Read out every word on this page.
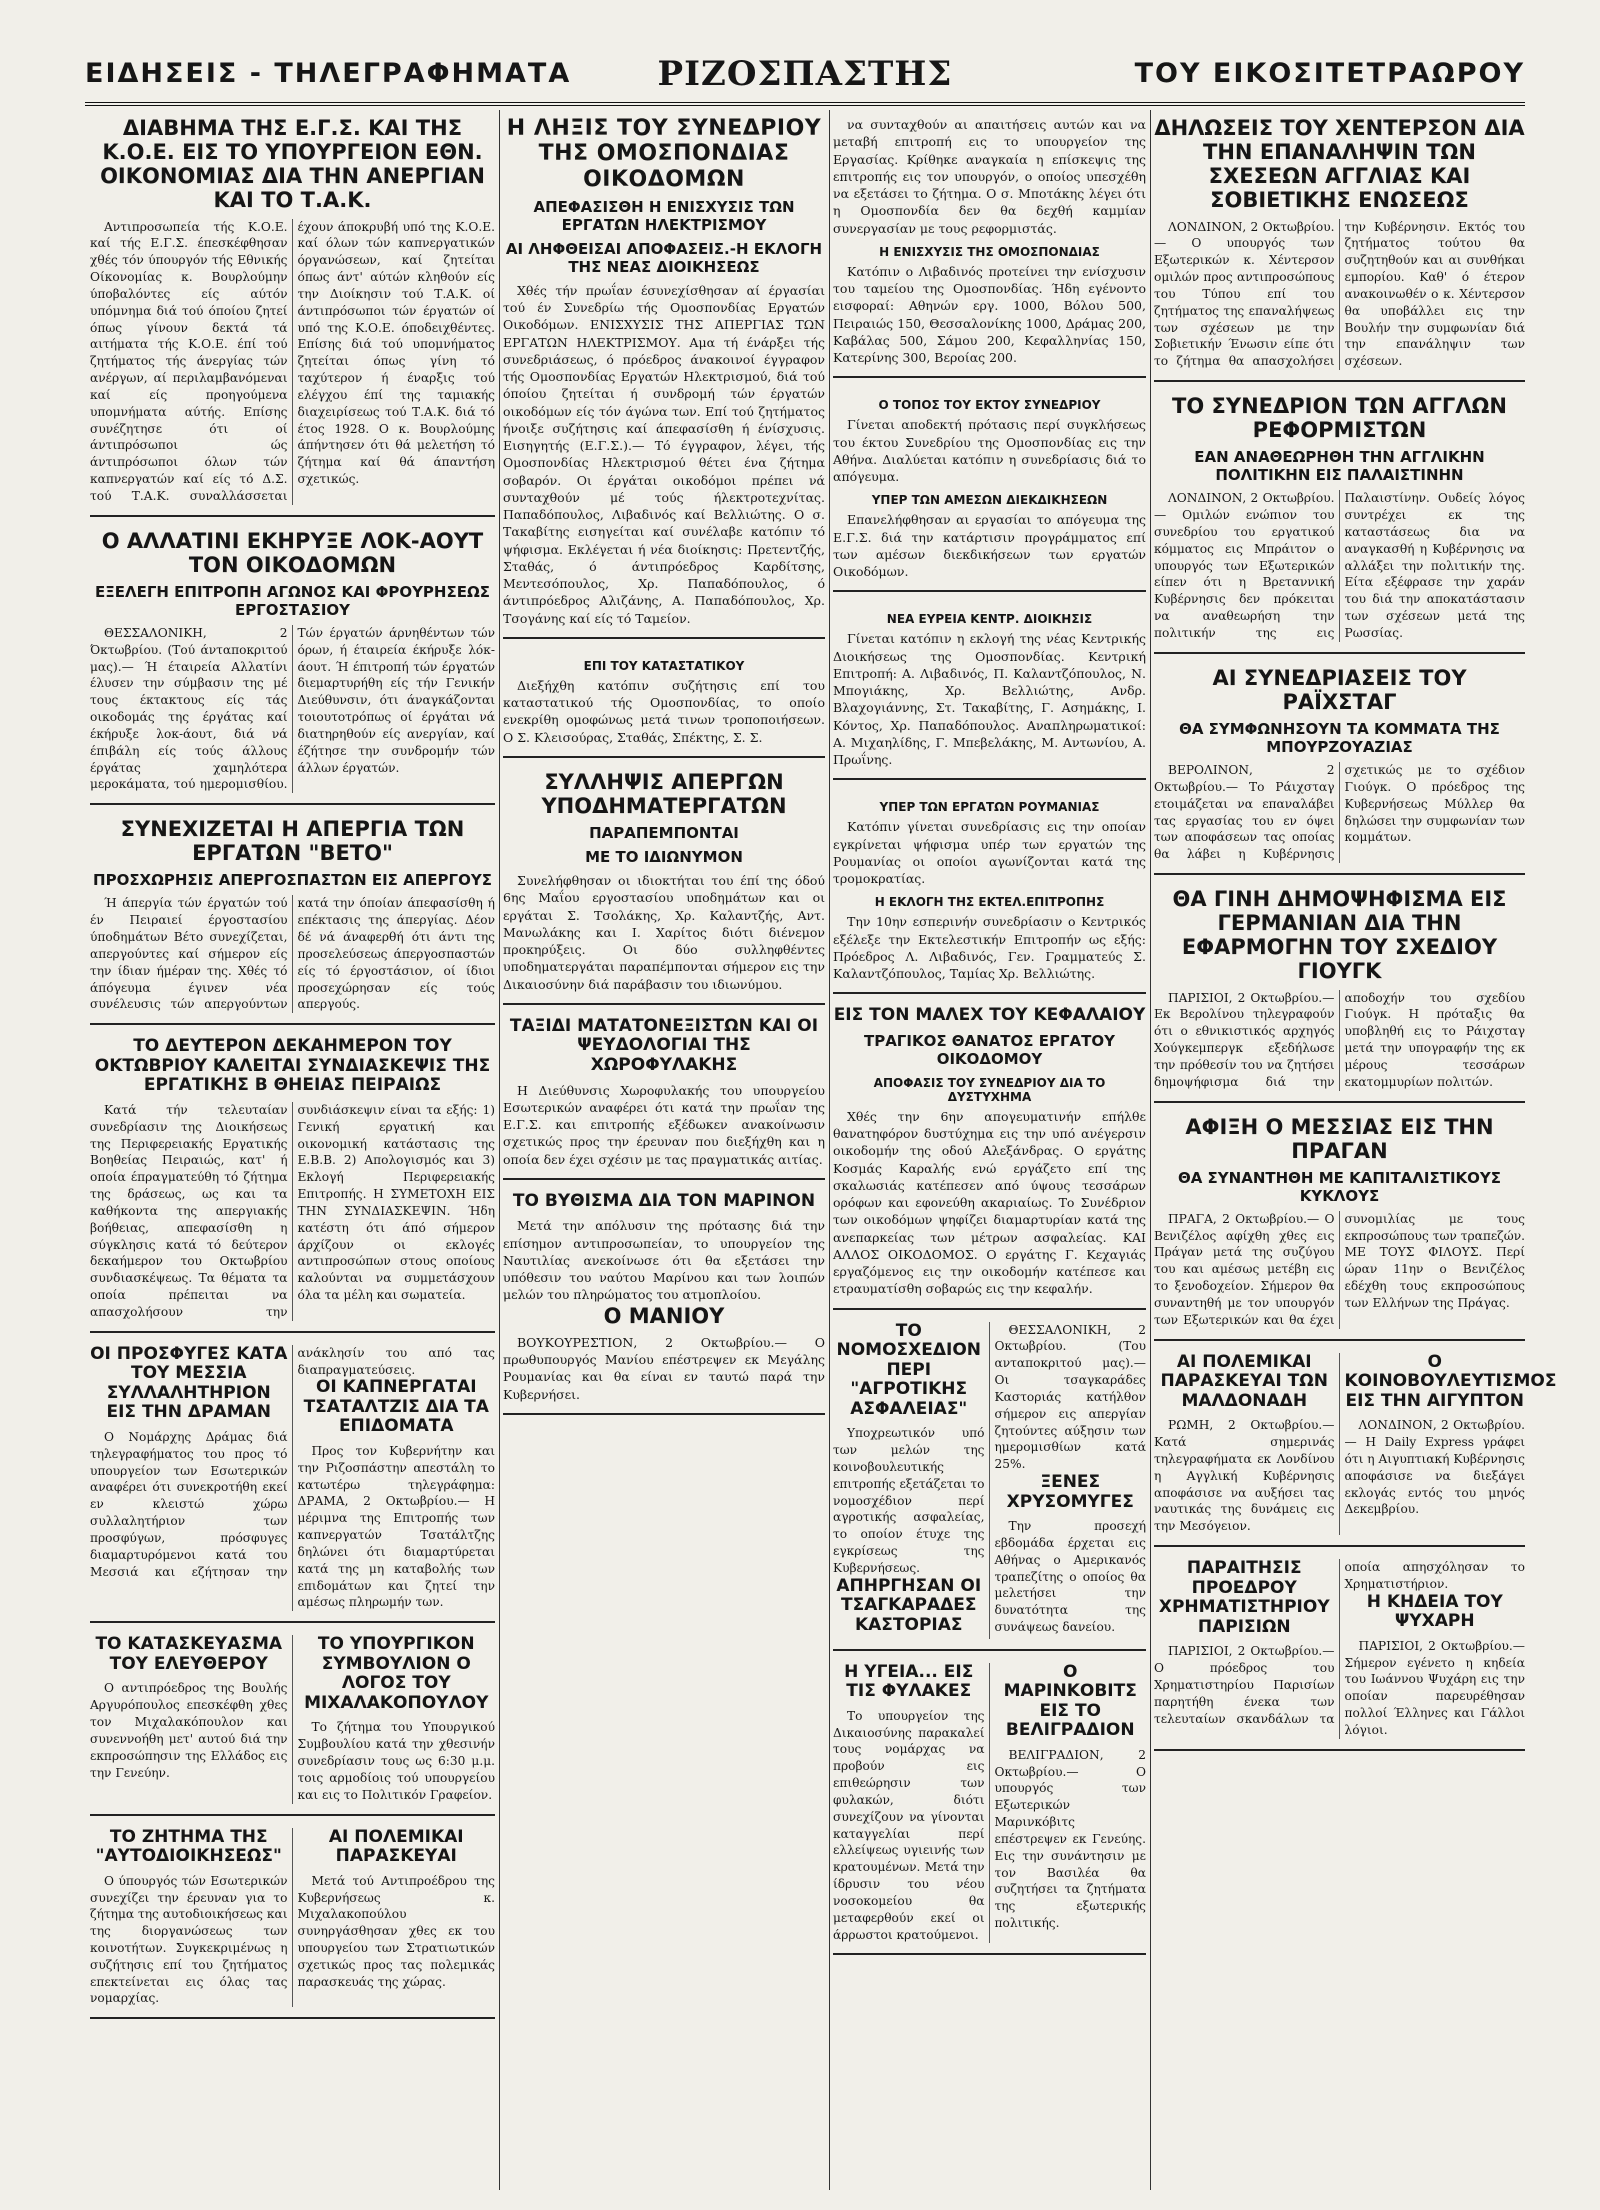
ΕΙΔΗΣΕΙΣ - ΤΗΛΕΓΡΑΦΗΜΑΤΑ	ΡΙΖΟΣΠΑΣΤΗΣ	ΤΟΥ ΕΙΚΟΣΙΤΕΤΡΑΩΡΟΥ
ΔΙΑΒΗΜΑ ΤΗΣ Ε.Γ.Σ. ΚΑΙ ΤΗΣ Κ.Ο.Ε. ΕΙΣ ΤΟ ΥΠΟΥΡΓΕΙΟΝ ΕΘΝ. ΟΙΚΟΝΟΜΙΑΣ ΔΙΑ ΤΗΝ ΑΝΕΡΓΙΑΝ ΚΑΙ ΤΟ Τ.Α.Κ.

Αντιπροσωπεία τής Κ.Ο.Ε. καί τής Ε.Γ.Σ. έπεσκέφθησαν χθές τόν ύπουργόν τής Εθνικής Οίκονομίας κ. Βουρλούμην ύποβαλόντες είς αύτόν υπόμνημα διά τού όποίου ζητεί όπως γίνουν δεκτά τά αιτήματα τής Κ.Ο.Ε. έπί τού ζητήματος τής άνεργίας τών ανέργων, αί περιλαμβανόμεναι καί είς προηγούμενα υπομνήματα αύτής. Επίσης συνέζητησε ότι οί άντιπρόσωποι ώς άντιπρόσωποι όλων τών καπνεργατών καί είς τό Δ.Σ. τού Τ.Α.Κ. συναλλάσσεται έχουν άποκρυβή υπό της Κ.Ο.Ε. καί όλων τών καπνεργατικών όργανώσεων, καί ζητείται όπως άντ' αύτών κληθούν είς την Διοίκησιν τού Τ.Α.Κ. οί άντιπρόσωποι τών έργατών οί υπό της Κ.Ο.Ε. όποδειχθέντες. Επίσης διά τού υπομνήματος ζητείται όπως γίνη τό ταχύτερον ή έναρξις τού ελέγχου έπί της ταμιακής διαχειρίσεως τού Τ.Α.Κ. διά τό έτος 1928. Ο κ. Βουρλούμης άπήντησεν ότι θά μελετήση τό ζήτημα καί θά άπαντήση σχετικώς.

Ο ΑΛΛΑΤΙΝΙ ΕΚΗΡΥΞΕ ΛΟΚ-ΑΟΥΤ ΤΟΝ ΟΙΚΟΔΟΜΩΝ
ΕΞΕΛΕΓΗ ΕΠΙΤΡΟΠΗ ΑΓΩΝΟΣ ΚΑΙ ΦΡΟΥΡΗΣΕΩΣ ΕΡΓΟΣΤΑΣΙΟΥ

ΘΕΣΣΑΛΟΝΙΚΗ, 2 Όκτωβρίου. (Τού άνταποκριτού μας).— Ή έταιρεία Αλλατίνι έλυσεν την σύμβασιν της μέ τους έκτακτους είς τάς οικοδομάς της έργάτας καί έκήρυξε λοκ-άουτ, διά νά έπιβάλη είς τούς άλλους έργάτας χαμηλότερα μεροκάματα, τού ημερομισθίου. Τών έργατών άρνηθέντων τών όρων, ή έταιρεία έκήρυξε λόκ-άουτ. Ή έπιτροπή τών έργατών διεμαρτυρήθη είς τήν Γενικήν Διεύθυνσιν, ότι άναγκάζονται τοιουτοτρόπως οί έργάται νά διατηρηθούν είς ανεργίαν, καί έζήτησε την συνδρομήν τών άλλων έργατών.

ΣΥΝΕΧΙΖΕΤΑΙ Η ΑΠΕΡΓΙΑ ΤΩΝ ΕΡΓΑΤΩΝ "ΒΕΤΟ"
ΠΡΟΣΧΩΡΗΣΙΣ ΑΠΕΡΓΟΣΠΑΣΤΩΝ ΕΙΣ ΑΠΕΡΓΟΥΣ

Ή άπεργία τών έργατών τού έν Πειραιεί έργοστασίου ύποδημάτων Βέτο συνεχίζεται, απεργούντες καί σήμερον είς την ίδιαν ήμέραν της. Χθές τό άπόγευμα έγινεν νέα συνέλευσις τών απεργούντων κατά την όποίαν άπεφασίσθη ή επέκτασις της άπεργίας. Δέον δέ νά άναφερθή ότι άντι της προσελεύσεως άπεργοσπαστών είς τό έργοστάσιον, οί ίδιοι προσεχώρησαν είς τούς απεργούς.

ΤΟ ΔΕΥΤΕΡΟΝ ΔΕΚΑΗΜΕΡΟΝ ΤΟΥ ΟΚΤΩΒΡΙΟΥ ΚΑΛΕΙΤΑΙ ΣΥΝΔΙΑΣΚΕΨΙΣ ΤΗΣ ΕΡΓΑΤΙΚΗΣ Β ΘΗΕΙΑΣ ΠΕΙΡΑΙΩΣ

Κατά τήν τελευταίαν συνεδρίασιν της Διοικήσεως της Περιφερειακής Εργατικής Βοηθείας Πειραιώς, κατ' ή οποία έπραγματεύθη τό ζήτημα της δράσεως, ως και τα καθήκοντα της απεργιακής βοήθειας, απεφασίσθη η σύγκλησις κατά τό δεύτερον δεκαήμερον του Οκτωβρίου συνδιασκέψεως. Τα θέματα τα οποία πρέπειται να απασχολήσουν την συνδιάσκεψιν είναι τα εξής: 1) Γενική εργατική και οικονομική κατάστασις της Ε.Β.Β. 2) Απολογισμός και 3) Εκλογή Περιφερειακής Επιτροπής. Η ΣΥΜΕΤΟΧΗ ΕΙΣ ΤΗΝ ΣΥΝΔΙΑΣΚΕΨΙΝ. Ήδη κατέστη ότι άπό σήμερον άρχίζουν οι εκλογές αντιπροσώπων στους οποίους καλούνται να συμμετάσχουν όλα τα μέλη και σωματεία.

ΟΙ ΠΡΟΣΦΥΓΕΣ ΚΑΤΑ ΤΟΥ ΜΕΣΣΙΑ ΣΥΛΛΑΛΗΤΗΡΙΟΝ ΕΙΣ ΤΗΝ ΔΡΑΜΑΝ

Ο Νομάρχης Δράμας διά τηλεγραφήματος του προς τό υπουργείον των Εσωτερικών αναφέρει ότι συνεκροτήθη εκεί εν κλειστώ χώρω συλλαλητήριον των προσφύγων, πρόσφυγες διαμαρτυρόμενοι κατά του Μεσσιά και εζήτησαν την ανάκλησίν του από τας διαπραγματεύσεις.

ΟΙ ΚΑΠΝΕΡΓΑΤΑΙ ΤΣΑΤΑΛΤΖΙΣ ΔΙΑ ΤΑ ΕΠΙΔΟΜΑΤΑ

Προς τον Κυβερνήτην και την Ριζοσπάστην απεστάλη το κατωτέρω τηλεγράφημα: ΔΡΑΜΑ, 2 Οκτωβρίου.— Η μέριμνα της Επιτροπής των καπνεργατών Τσατάλτζης δηλώνει ότι διαμαρτύρεται κατά της μη καταβολής των επιδομάτων και ζητεί την αμέσως πληρωμήν των.

ΤΟ ΚΑΤΑΣΚΕΥΑΣΜΑ ΤΟΥ ΕΛΕΥΘΕΡΟΥ

Ο αντιπρόεδρος της Βουλής Αργυρόπουλος επεσκέφθη χθες τον Μιχαλακόπουλον και συνεννοήθη μετ' αυτού διά την εκπροσώπησιν της Ελλάδος εις την Γενεύην.

ΤΟ ΥΠΟΥΡΓΙΚΟΝ ΣΥΜΒΟΥΛΙΟΝ Ο ΛΟΓΟΣ ΤΟΥ ΜΙΧΑΛΑΚΟΠΟΥΛΟΥ

Το ζήτημα του Υπουργικού Συμβουλίου κατά την χθεσινήν συνεδρίασιν τους ως 6:30 μ.μ. τοις αρμοδίοις τού υπουργείου και εις το Πολιτικόν Γραφείον.

ΤΟ ΖΗΤΗΜΑ ΤΗΣ "ΑΥΤΟΔΙΟΙΚΗΣΕΩΣ"

Ο ύπουργός τών Εσωτερικών συνεχίζει την έρευναν για το ζήτημα της αυτοδιοικήσεως και της διοργανώσεως των κοινοτήτων. Συγκεκριμένως η συζήτησις επί του ζητήματος επεκτείνεται εις όλας τας νομαρχίας.

ΑΙ ΠΟΛΕΜΙΚΑΙ ΠΑΡΑΣΚΕΥΑΙ

Μετά τού Αντιπροέδρου της Κυβερνήσεως κ. Μιχαλακοπούλου συνηργάσθησαν χθες εκ του υπουργείου των Στρατιωτικών σχετικώς προς τας πολεμικάς παρασκευάς της χώρας.

Η ΛΗΞΙΣ ΤΟΥ ΣΥΝΕΔΡΙΟΥ ΤΗΣ ΟΜΟΣΠΟΝΔΙΑΣ ΟΙΚΟΔΟΜΩΝ
ΑΠΕΦΑΣΙΣΘΗ Η ΕΝΙΣΧΥΣΙΣ ΤΩΝ ΕΡΓΑΤΩΝ ΗΛΕΚΤΡΙΣΜΟΥ
ΑΙ ΛΗΦΘΕΙΣΑΙ ΑΠΟΦΑΣΕΙΣ.-Η ΕΚΛΟΓΗ ΤΗΣ ΝΕΑΣ ΔΙΟΙΚΗΣΕΩΣ

Χθές τήν πρωΐαν έσυνεχίσθησαν αί έργασίαι τού έν Συνεδρίω τής Ομοσπονδίας Εργατών Οικοδόμων. ΕΝΙΣΧΥΣΙΣ ΤΗΣ ΑΠΕΡΓΙΑΣ ΤΩΝ ΕΡΓΑΤΩΝ ΗΛΕΚΤΡΙΣΜΟΥ. Αμα τή ένάρξει τής συνεδριάσεως, ό πρόεδρος άνακοινοί έγγραφον τής Ομοσπονδίας Εργατών Ηλεκτρισμού, διά τού όποίου ζητείται ή συνδρομή τών έργατών οικοδόμων είς τόν άγώνα των. Επί τού ζητήματος ήνοιξε συζήτησις καί άπεφασίσθη ή ένίσχυσις. Εισηγητής (Ε.Γ.Σ.).— Τό έγγραφον, λέγει, τής Ομοσπονδίας Ηλεκτρισμού θέτει ένα ζήτημα σοβαρόν. Οι έργάται οικοδόμοι πρέπει νά συνταχθούν μέ τούς ήλεκτροτεχνίτας. Παπαδόπουλος, Λιβαδινός καί Βελλιώτης. Ο σ. Τακαβίτης εισηγείται καί συνέλαβε κατόπιν τό ψήφισμα. Εκλέγεται ή νέα διοίκησις: Πρετεντζής, Σταθάς, ό άντιπρόεδρος Καρδίτσης, Μεντεσόπουλος, Χρ. Παπαδόπουλος, ό άντιπρόεδρος Αλιζάνης, Α. Παπαδόπουλος, Χρ. Τσογάνης καί είς τό Ταμείον.

ΕΠΙ ΤΟΥ ΚΑΤΑΣΤΑΤΙΚΟΥ

Διεξήχθη κατόπιν συζήτησις επί του καταστατικού τής Ομοσπονδίας, το οποίο ενεκρίθη ομοφώνως μετά τινων τροποποιήσεων. Ο Σ. Κλεισούρας, Σταθάς, Σπέκτης, Σ. Σ.

ΣΥΛΛΗΨΙΣ ΑΠΕΡΓΩΝ ΥΠΟΔΗΜΑΤΕΡΓΑΤΩΝ
ΠΑΡΑΠΕΜΠΟΝΤΑΙ
ΜΕ ΤΟ ΙΔΙΩΝΥΜΟΝ

Συνελήφθησαν οι ιδιοκτήται του έπί της όδού 6ης Μαΐου εργοστασίου υποδημάτων και οι εργάται Σ. Τσολάκης, Χρ. Καλαντζής, Αντ. Μανωλάκης και Ι. Χαρίτος διότι διένεμον προκηρύξεις. Οι δύο συλληφθέντες υποδηματεργάται παραπέμπονται σήμερον εις την Δικαιοσύνην διά παράβασιν του ιδιωνύμου.

ΤΑΞΙΔΙ ΜΑΤΑΤΟΝΕΞΙΣΤΩΝ ΚΑΙ ΟΙ ΨΕΥΔΟΛΟΓΙΑΙ ΤΗΣ ΧΩΡΟΦΥΛΑΚΗΣ

Η Διεύθυνσις Χωροφυλακής του υπουργείου Εσωτερικών αναφέρει ότι κατά την πρωΐαν της Ε.Γ.Σ. και επιτροπής εξέδωκεν ανακοίνωσιν σχετικώς προς την έρευναν που διεξήχθη και η οποία δεν έχει σχέσιν με τας πραγματικάς αιτίας.

ΤΟ ΒΥΘΙΣΜΑ ΔΙΑ ΤΟΝ ΜΑΡΙΝΟΝ

Μετά την απόλυσιν της πρότασης διά την επίσημον αντιπροσωπείαν, το υπουργείον της Ναυτιλίας ανεκοίνωσε ότι θα εξετάσει την υπόθεσιν του ναύτου Μαρίνου και των λοιπών μελών του πληρώματος του ατμοπλοίου.

Ο ΜΑΝΙΟΥ

ΒΟΥΚΟΥΡΕΣΤΙΟΝ, 2 Οκτωβρίου.— Ο πρωθυπουργός Μανίου επέστρεψεν εκ Μεγάλης Ρουμανίας και θα είναι εν ταυτώ παρά την Κυβερνήσει.

να συνταχθούν αι απαιτήσεις αυτών και να μεταβή επιτροπή εις το υπουργείον της Εργασίας. Κρίθηκε αναγκαία η επίσκεψις της επιτροπής εις τον υπουργόν, ο οποίος υπεσχέθη να εξετάσει το ζήτημα. Ο σ. Μποτάκης λέγει ότι η Ομοσπονδία δεν θα δεχθή καμμίαν συνεργασίαν με τους ρεφορμιστάς.

Η ΕΝΙΣΧΥΣΙΣ ΤΗΣ ΟΜΟΣΠΟΝΔΙΑΣ

Κατόπιν ο Λιβαδινός προτείνει την ενίσχυσιν του ταμείου της Ομοσπονδίας. Ήδη εγένοντο εισφοραί: Αθηνών εργ. 1000, Βόλου 500, Πειραιώς 150, Θεσσαλονίκης 1000, Δράμας 200, Καβάλας 500, Σάμου 200, Κεφαλληνίας 150, Κατερίνης 300, Βεροίας 200.

Ο ΤΟΠΟΣ ΤΟΥ ΕΚΤΟΥ ΣΥΝΕΔΡΙΟΥ

Γίνεται αποδεκτή πρότασις περί συγκλήσεως του έκτου Συνεδρίου της Ομοσπονδίας εις την Αθήνα. Διαλύεται κατόπιν η συνεδρίασις διά το απόγευμα.

ΥΠΕΡ ΤΩΝ ΑΜΕΣΩΝ ΔΙΕΚΔΙΚΗΣΕΩΝ

Επανελήφθησαν αι εργασίαι το απόγευμα της Ε.Γ.Σ. διά την κατάρτισιν προγράμματος επί των αμέσων διεκδικήσεων των εργατών Οικοδόμων.

ΝΕΑ ΕΥΡΕΙΑ ΚΕΝΤΡ. ΔΙΟΙΚΗΣΙΣ

Γίνεται κατόπιν η εκλογή της νέας Κεντρικής Διοικήσεως της Ομοσπονδίας. Κεντρική Επιτροπή: Α. Λιβαδινός, Π. Καλαντζόπουλος, Ν. Μπογιάκης, Χρ. Βελλιώτης, Ανδρ. Βλαχογιάννης, Στ. Τακαβίτης, Γ. Ασημάκης, Ι. Κόντος, Χρ. Παπαδόπουλος. Αναπληρωματικοί: Α. Μιχαηλίδης, Γ. Μπεβελάκης, Μ. Αντωνίου, Α. Πρωΐνης.

ΥΠΕΡ ΤΩΝ ΕΡΓΑΤΩΝ ΡΟΥΜΑΝΙΑΣ

Κατόπιν γίνεται συνεδρίασις εις την οποίαν εγκρίνεται ψήφισμα υπέρ των εργατών της Ρουμανίας οι οποίοι αγωνίζονται κατά της τρομοκρατίας.

Η ΕΚΛΟΓΗ ΤΗΣ ΕΚΤΕΛ.ΕΠΙΤΡΟΠΗΣ

Την 10ην εσπερινήν συνεδρίασιν ο Κεντρικός εξέλεξε την Εκτελεστικήν Επιτροπήν ως εξής: Πρόεδρος Λ. Λιβαδινός, Γεν. Γραμματεύς Σ. Καλαντζόπουλος, Ταμίας Χρ. Βελλιώτης.

ΕΙΣ ΤΟΝ ΜΑΛΕΧ ΤΟΥ ΚΕΦΑΛΑΙΟΥ
ΤΡΑΓΙΚΟΣ ΘΑΝΑΤΟΣ ΕΡΓΑΤΟΥ ΟΙΚΟΔΟΜΟΥ
ΑΠΟΦΑΣΙΣ ΤΟΥ ΣΥΝΕΔΡΙΟΥ ΔΙΑ ΤΟ ΔΥΣΤΥΧΗΜΑ

Χθές την 6ην απογευματινήν επήλθε θανατηφόρον δυστύχημα εις την υπό ανέγερσιν οικοδομήν της οδού Αλεξάνδρας. Ο εργάτης Κοσμάς Καραλής ενώ εργάζετο επί της σκαλωσιάς κατέπεσεν από ύψους τεσσάρων ορόφων και εφονεύθη ακαριαίως. Το Συνέδριον των οικοδόμων ψηφίζει διαμαρτυρίαν κατά της ανεπαρκείας των μέτρων ασφαλείας. ΚΑΙ ΑΛΛΟΣ ΟΙΚΟΔΟΜΟΣ. Ο εργάτης Γ. Κεχαγιάς εργαζόμενος εις την οικοδομήν κατέπεσε και ετραυματίσθη σοβαρώς εις την κεφαλήν.

ΤΟ ΝΟΜΟΣΧΕΔΙΟΝ ΠΕΡΙ "ΑΓΡΟΤΙΚΗΣ ΑΣΦΑΛΕΙΑΣ"

Υποχρεωτικόν υπό των μελών της κοινοβουλευτικής επιτροπής εξετάζεται το νομοσχέδιον περί αγροτικής ασφαλείας, το οποίον έτυχε της εγκρίσεως της Κυβερνήσεως.

ΑΠΗΡΓΗΣΑΝ ΟΙ ΤΣΑΓΚΑΡΑΔΕΣ ΚΑΣΤΟΡΙΑΣ

ΘΕΣΣΑΛΟΝΙΚΗ, 2 Οκτωβρίου. (Του ανταποκριτού μας).— Οι τσαγκαράδες Καστοριάς κατήλθον σήμερον εις απεργίαν ζητούντες αύξησιν των ημερομισθίων κατά 25%.

ΞΕΝΕΣ ΧΡΥΣΟΜΥΓΕΣ

Την προσεχή εβδομάδα έρχεται εις Αθήνας ο Αμερικανός τραπεζίτης ο οποίος θα μελετήσει την δυνατότητα της συνάψεως δανείου.

Η ΥΓΕΙΑ... ΕΙΣ ΤΙΣ ΦΥΛΑΚΕΣ

Το υπουργείον της Δικαιοσύνης παρακαλεί τους νομάρχας να προβούν εις επιθεώρησιν των φυλακών, διότι συνεχίζουν να γίνονται καταγγελίαι περί ελλείψεως υγιεινής των κρατουμένων. Μετά την ίδρυσιν του νέου νοσοκομείου θα μεταφερθούν εκεί οι άρρωστοι κρατούμενοι.

Ο ΜΑΡΙΝΚΟΒΙΤΣ ΕΙΣ ΤΟ ΒΕΛΙΓΡΑΔΙΟΝ

ΒΕΛΙΓΡΑΔΙΟΝ, 2 Οκτωβρίου.— Ο υπουργός των Εξωτερικών Μαρινκόβιτς επέστρεψεν εκ Γενεύης. Εις την συνάντησιν με τον Βασιλέα θα συζητήσει τα ζητήματα της εξωτερικής πολιτικής.

ΔΗΛΩΣΕΙΣ ΤΟΥ ΧΕΝΤΕΡΣΟΝ ΔΙΑ ΤΗΝ ΕΠΑΝΑΛΗΨΙΝ ΤΩΝ ΣΧΕΣΕΩΝ ΑΓΓΛΙΑΣ ΚΑΙ ΣΟΒΙΕΤΙΚΗΣ ΕΝΩΣΕΩΣ

ΛΟΝΔΙΝΟΝ, 2 Οκτωβρίου.— Ο υπουργός των Εξωτερικών κ. Χέντερσον ομιλών προς αντιπροσώπους του Τύπου επί του ζητήματος της επαναλήψεως των σχέσεων με την Σοβιετικήν Ένωσιν είπε ότι το ζήτημα θα απασχολήσει την Κυβέρνησιν. Εκτός του ζητήματος τούτου θα συζητηθούν και αι συνθήκαι εμπορίου. Καθ' ό έτερον ανακοινωθέν ο κ. Χέντερσον θα υποβάλλει εις την Βουλήν την συμφωνίαν διά την επανάληψιν των σχέσεων.

ΤΟ ΣΥΝΕΔΡΙΟΝ ΤΩΝ ΑΓΓΛΩΝ ΡΕΦΟΡΜΙΣΤΩΝ
ΕΑΝ ΑΝΑΘΕΩΡΗΘΗ ΤΗΝ ΑΓΓΛΙΚΗΝ ΠΟΛΙΤΙΚΗΝ ΕΙΣ ΠΑΛΑΙΣΤΙΝΗΝ

ΛΟΝΔΙΝΟΝ, 2 Οκτωβρίου.— Ομιλών ενώπιον του συνεδρίου του εργατικού κόμματος εις Μπράιτον ο υπουργός των Εξωτερικών είπεν ότι η Βρεταννική Κυβέρνησις δεν πρόκειται να αναθεωρήση την πολιτικήν της εις Παλαιστίνην. Ουδείς λόγος συντρέχει εκ της καταστάσεως δια να αναγκασθή η Κυβέρνησις να αλλάξει την πολιτικήν της. Είτα εξέφρασε την χαράν του διά την αποκατάστασιν των σχέσεων μετά της Ρωσσίας.

ΑΙ ΣΥΝΕΔΡΙΑΣΕΙΣ ΤΟΥ ΡΑΪΧΣΤΑΓ
ΘΑ ΣΥΜΦΩΝΗΣΟΥΝ ΤΑ ΚΟΜΜΑΤΑ ΤΗΣ ΜΠΟΥΡΖΟΥΑΖΙΑΣ

ΒΕΡΟΛΙΝΟΝ, 2 Οκτωβρίου.— Το Ράιχσταγ ετοιμάζεται να επαναλάβει τας εργασίας του εν όψει των αποφάσεων τας οποίας θα λάβει η Κυβέρνησις σχετικώς με το σχέδιον Γιούγκ. Ο πρόεδρος της Κυβερνήσεως Μύλλερ θα δηλώσει την συμφωνίαν των κομμάτων.

ΘΑ ΓΙΝΗ ΔΗΜΟΨΗΦΙΣΜΑ ΕΙΣ ΓΕΡΜΑΝΙΑΝ ΔΙΑ ΤΗΝ ΕΦΑΡΜΟΓΗΝ ΤΟΥ ΣΧΕΔΙΟΥ ΓΙΟΥΓΚ

ΠΑΡΙΣΙΟΙ, 2 Οκτωβρίου.— Εκ Βερολίνου τηλεγραφούν ότι ο εθνικιστικός αρχηγός Χούγκεμπεργκ εξεδήλωσε την πρόθεσίν του να ζητήσει δημοψήφισμα διά την αποδοχήν του σχεδίου Γιούγκ. Η πρόταξις θα υποβληθή εις το Ράιχσταγ μετά την υπογραφήν της εκ μέρους τεσσάρων εκατομμυρίων πολιτών.

ΑΦΙΞΗ Ο ΜΕΣΣΙΑΣ ΕΙΣ ΤΗΝ ΠΡΑΓΑΝ
ΘΑ ΣΥΝΑΝΤΗΘΗ ΜΕ ΚΑΠΙΤΑΛΙΣΤΙΚΟΥΣ ΚΥΚΛΟΥΣ

ΠΡΑΓΑ, 2 Οκτωβρίου.— Ο Βενιζέλος αφίχθη χθες εις Πράγαν μετά της συζύγου του και αμέσως μετέβη εις το ξενοδοχείον. Σήμερον θα συναντηθή με τον υπουργόν των Εξωτερικών και θα έχει συνομιλίας με τους εκπροσώπους των τραπεζών. ΜΕ ΤΟΥΣ ΦΙΛΟΥΣ. Περί ώραν 11ην ο Βενιζέλος εδέχθη τους εκπροσώπους των Ελλήνων της Πράγας.

ΑΙ ΠΟΛΕΜΙΚΑΙ ΠΑΡΑΣΚΕΥΑΙ ΤΩΝ ΜΑΛΔΟΝΑΔΗ

ΡΩΜΗ, 2 Οκτωβρίου.— Κατά σημερινάς τηλεγραφήματα εκ Λονδίνου η Αγγλική Κυβέρνησις αποφάσισε να αυξήσει τας ναυτικάς της δυνάμεις εις την Μεσόγειον.

Ο ΚΟΙΝΟΒΟΥΛΕΥΤΙΣΜΟΣ ΕΙΣ ΤΗΝ ΑΙΓΥΠΤΟΝ

ΛΟΝΔΙΝΟΝ, 2 Οκτωβρίου.— Η Daily Express γράφει ότι η Αιγυπτιακή Κυβέρνησις αποφάσισε να διεξάγει εκλογάς εντός του μηνός Δεκεμβρίου.

ΠΑΡΑΙΤΗΣΙΣ ΠΡΟΕΔΡΟΥ ΧΡΗΜΑΤΙΣΤΗΡΙΟΥ ΠΑΡΙΣΙΩΝ

ΠΑΡΙΣΙΟΙ, 2 Οκτωβρίου.— Ο πρόεδρος του Χρηματιστηρίου Παρισίων παρητήθη ένεκα των τελευταίων σκανδάλων τα οποία απησχόλησαν το Χρηματιστήριον.

Η ΚΗΔΕΙΑ ΤΟΥ ΨΥΧΑΡΗ

ΠΑΡΙΣΙΟΙ, 2 Οκτωβρίου.— Σήμερον εγένετο η κηδεία του Ιωάννου Ψυχάρη εις την οποίαν παρευρέθησαν πολλοί Έλληνες και Γάλλοι λόγιοι.
